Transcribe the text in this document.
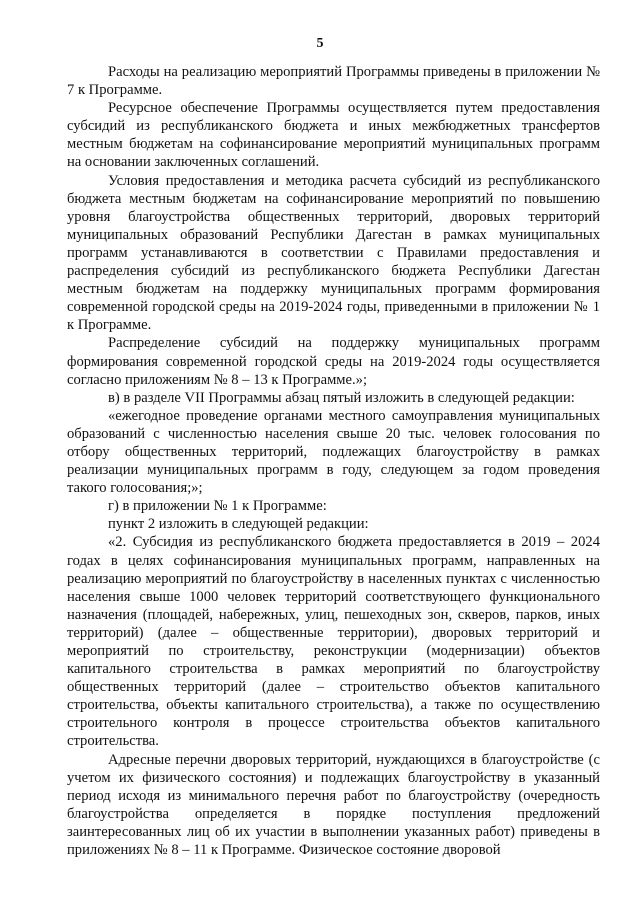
5

Расходы на реализацию мероприятий Программы приведены в приложении № 7 к Программе.

Ресурсное обеспечение Программы осуществляется путем предоставления субсидий из республиканского бюджета и иных межбюджетных трансфертов местным бюджетам на софинансирование мероприятий муниципальных программ на основании заключенных соглашений.

Условия предоставления и методика расчета субсидий из республиканского бюджета местным бюджетам на софинансирование мероприятий по повышению уровня благоустройства общественных территорий, дворовых территорий муниципальных образований Республики Дагестан в рамках муниципальных программ устанавливаются в соответствии с Правилами предоставления и распределения субсидий из республиканского бюджета Республики Дагестан местным бюджетам на поддержку муниципальных программ формирования современной городской среды на 2019-2024 годы, приведенными в приложении № 1 к Программе.

Распределение субсидий на поддержку муниципальных программ формирования современной городской среды на 2019-2024 годы осуществляется согласно приложениям № 8 – 13 к Программе.»;

в) в разделе VII Программы абзац пятый изложить в следующей редакции:

«ежегодное проведение органами местного самоуправления муниципальных образований с численностью населения свыше 20 тыс. человек голосования по отбору общественных территорий, подлежащих благоустройству в рамках реализации муниципальных программ в году, следующем за годом проведения такого голосования;»;

г) в приложении № 1 к Программе:

пункт 2 изложить в следующей редакции:

«2. Субсидия из республиканского бюджета предоставляется в 2019 – 2024 годах в целях софинансирования муниципальных программ, направленных на реализацию мероприятий по благоустройству в населенных пунктах с численностью населения свыше 1000 человек территорий соответствующего функционального назначения (площадей, набережных, улиц, пешеходных зон, скверов, парков, иных территорий) (далее – общественные территории), дворовых территорий и мероприятий по строительству, реконструкции (модернизации) объектов капитального строительства в рамках мероприятий по благоустройству общественных территорий (далее – строительство объектов капитального строительства, объекты капитального строительства), а также по осуществлению строительного контроля в процессе строительства объектов капитального строительства.

Адресные перечни дворовых территорий, нуждающихся в благоустройстве (с учетом их физического состояния) и подлежащих благоустройству в указанный период исходя из минимального перечня работ по благоустройству (очередность благоустройства определяется в порядке поступления предложений заинтересованных лиц об их участии в выполнении указанных работ) приведены в приложениях № 8 – 11 к Программе. Физическое состояние дворовой
